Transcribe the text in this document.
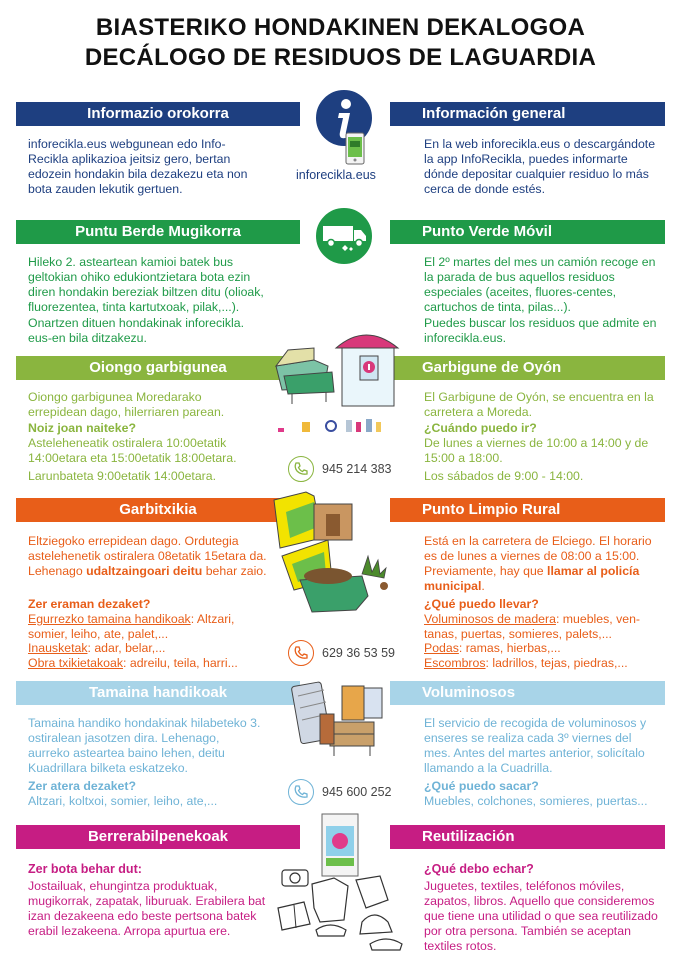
BIASTERIKO HONDAKINEN DEKALOGOA
DECÁLOGO DE RESIDUOS DE LAGUARDIA
Informazio orokorra	Información general
inforecikla.eus
inforecikla.eus webgunean edo Info-Recikla aplikazioa jeitsiz gero, bertan edozein hondakin bila dezakezu eta non bota zauden lekutik gertuen.
En la web inforecikla.eus o descargándote la app InfoRecikla, puedes informarte dónde depositar cualquier residuo lo más cerca de donde estés.
Puntu Berde Mugikorra	Punto Verde Móvil
Hileko 2. asteartean kamioi batek bus geltokian ohiko edukiontzietara bota ezin diren hondakin bereziak biltzen ditu (olioak, fluorezentea, tinta kartutxoak, pilak,...).
Onartzen dituen hondakinak inforecikla. eus-en bila ditzakezu.
El 2º martes del mes un camión recoge en la parada de bus aquellos residuos especiales (aceites, fluores-centes, cartuchos de tinta, pilas...).
Puedes buscar los residuos que admite en inforecikla.eus.
Oiongo garbigunea	Garbigune de Oyón
Oiongo garbigunea Moredarako errepidean dago, hilerriaren parean.
Noiz joan naiteke?
Asteleheneatik ostiralera 10:00etatik 14:00etara eta 15:00etatik 18:00etara.
Larunbateta 9:00etatik 14:00etara.	945 214 383
El Garbigune de Oyón, se encuentra en la carretera a Moreda.
¿Cuándo puedo ir?
De lunes a viernes de 10:00 a 14:00 y de 15:00 a 18:00.
Los sábados de 9:00 - 14:00.
Garbitxikia	Punto Limpio Rural
Eltziegoko errepidean dago. Ordutegia astelehenetik ostiralera 08etatik 15etara da. Lehenago udaltzaingoari deitu behar zaio.
Zer eraman dezaket?
Egurrezko tamaina handikoak: Altzari, somier, leiho, ate, palet,...
Inausketak: adar, belar,...
Obra txikietakoak: adreilu, teila, harri...
629 36 53 59
Está en la carretera de Elciego. El horario es de lunes a viernes de 08:00 a 15:00. Previamente, hay que llamar al policía municipal.
¿Qué puedo llevar?
Voluminosos de madera: muebles, ven-tanas, puertas, somieres, palets,...
Podas: ramas, hierbas,...
Escombros: ladrillos, tejas, piedras,...
Tamaina handikoak	Voluminosos
Tamaina handiko hondakinak hilabeteko 3. ostiralean jasotzen dira. Lehenago, aurreko asteartea baino lehen, deitu Kuadrillara bilketa eskatzeko.
Zer atera dezaket?
Altzari, koltxoi, somier, leiho, ate,...
945 600 252
El servicio de recogida de voluminosos y enseres se realiza cada 3º viernes del mes. Antes del martes anterior, solicítalo llamando a la Cuadrilla.
¿Qué puedo sacar?
Muebles, colchones, somieres, puertas...
Berrerabilpenekoak	Reutilización
Zer bota behar dut:
Jostailuak, ehungintza produktuak, mugikorrak, zapatak, liburuak. Erabilera bat izan dezakeena edo beste pertsona batek erabil lezakeena. Arropa apurtua ere.
¿Qué debo echar?
Juguetes, textiles, teléfonos móviles, zapatos, libros. Aquello que consideremos que tiene una utilidad o que sea reutilizado por otra persona. También se aceptan textiles rotos.
